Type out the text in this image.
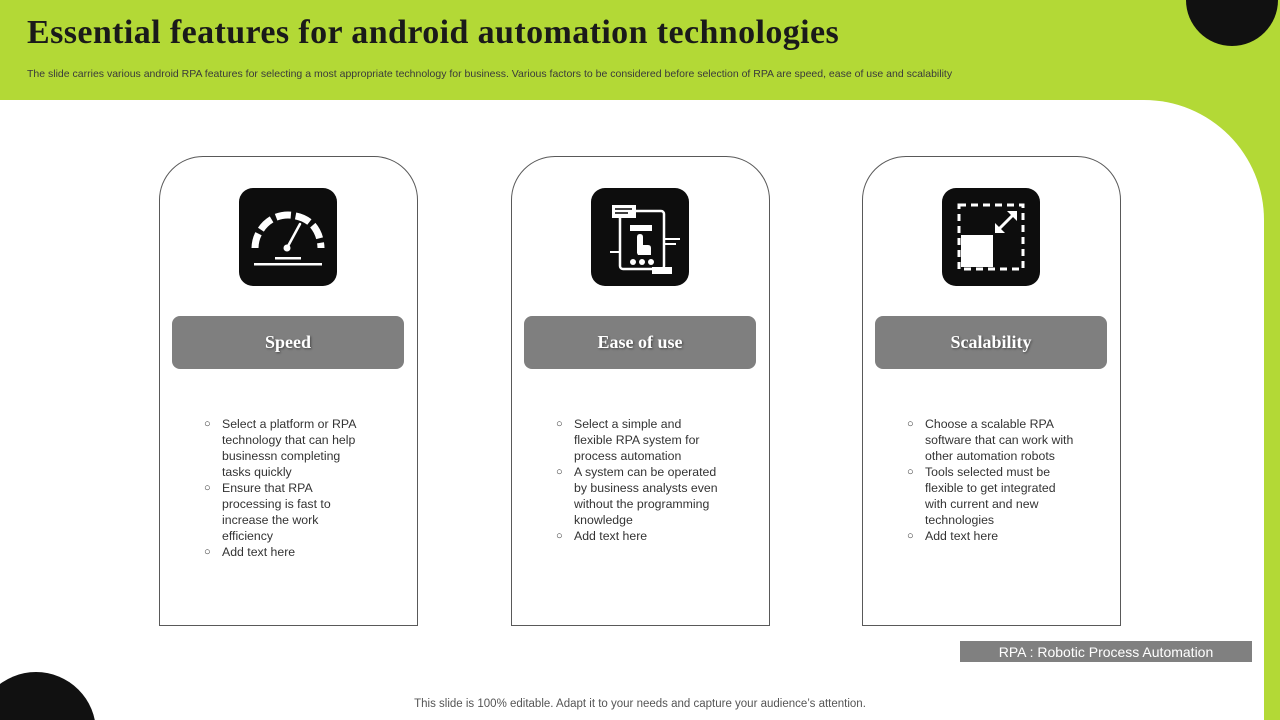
Essential features for android automation technologies
The slide carries various android RPA features for selecting a most appropriate technology for business. Various factors to be considered before selection of RPA are speed, ease of use and scalability
Speed
○ Select a platform or RPA technology that can help businessn completing tasks quickly
○ Ensure that RPA processing is fast to increase the work efficiency
○ Add text here
Ease of use
○ Select a simple and flexible RPA system for process automation
○ A system can be operated by business analysts even without the programming knowledge
○ Add text here
Scalability
○ Choose a scalable RPA software that can work with other automation robots
○ Tools selected must be flexible to get integrated with current and new technologies
○ Add text here
RPA : Robotic Process Automation
This slide is 100% editable. Adapt it to your needs and capture your audience’s attention.
